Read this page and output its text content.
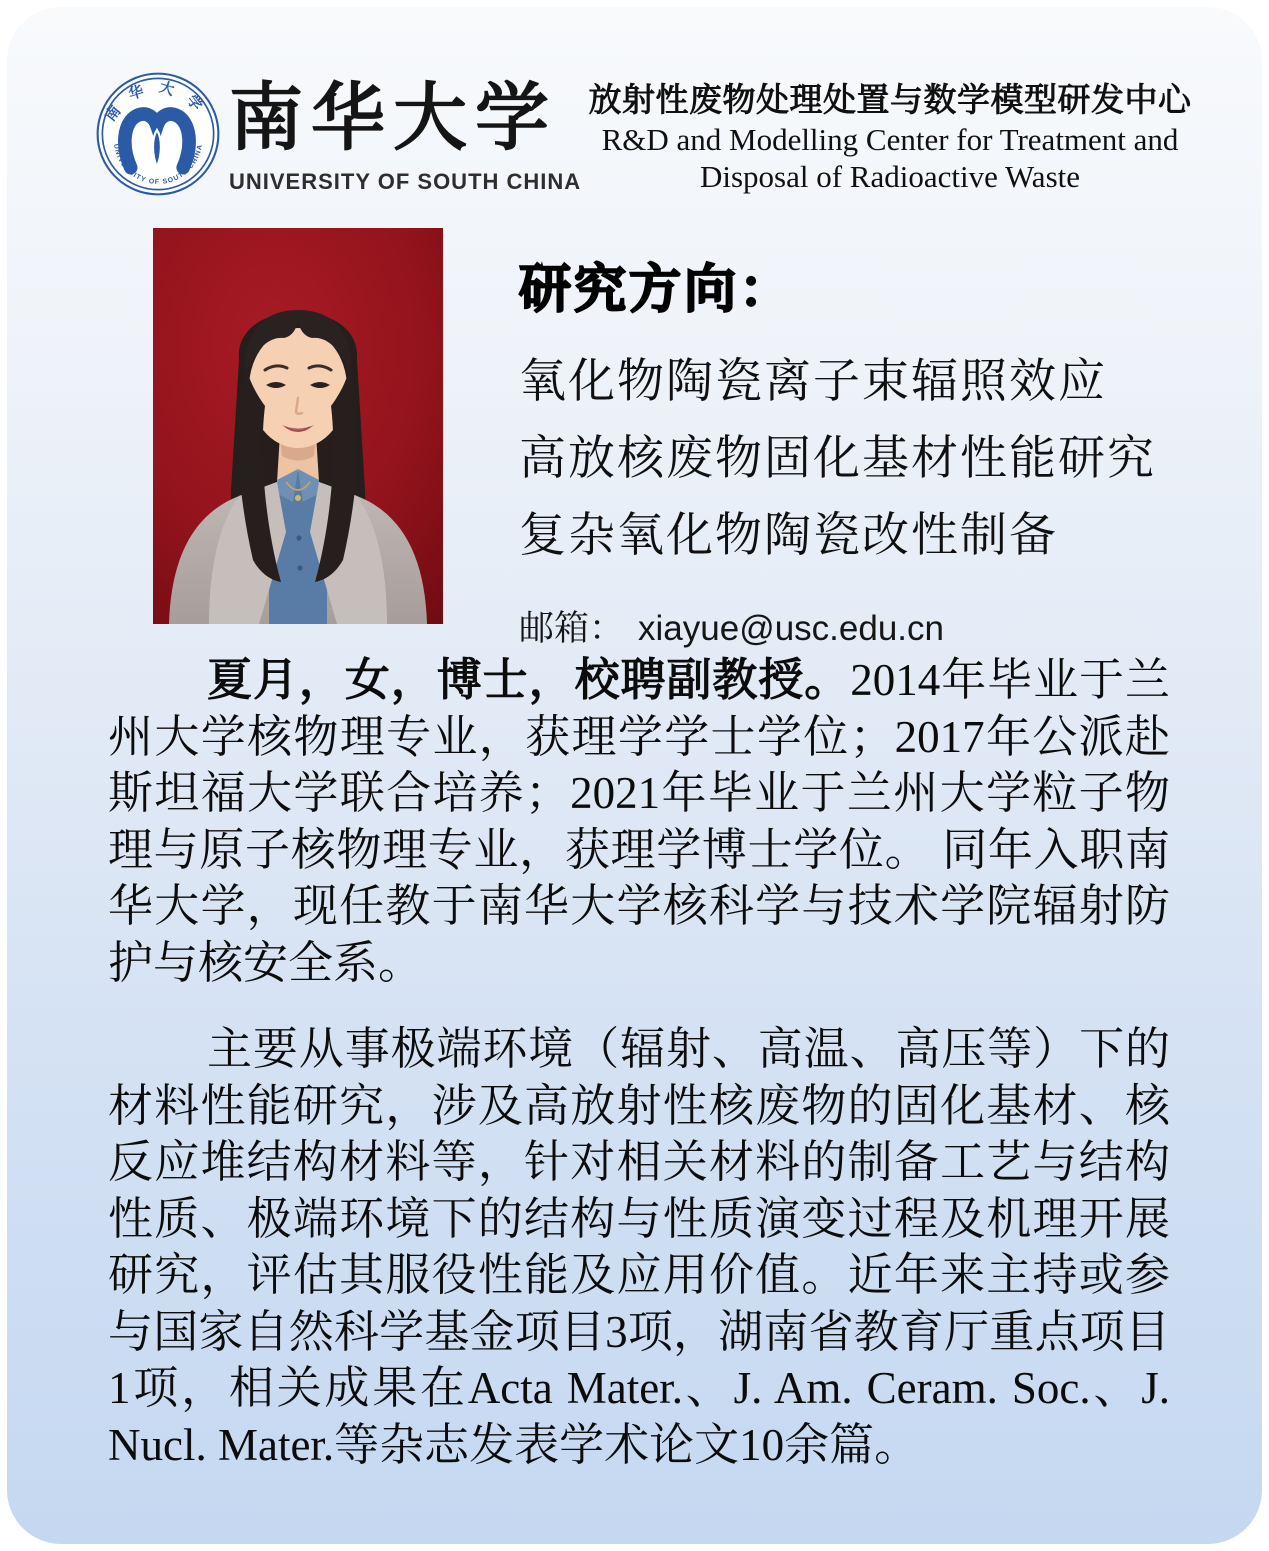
南华大学
UNIVERSITY OF SOUTH CHINA 南华大学
UNIVERSITY OF SOUTH CHINA
放射性废物处理处置与数学模型研发中心
R&D and Modelling Center for Treatment and
Disposal of Radioactive Waste
研究方向：
氧化物陶瓷离子束辐照效应
高放核废物固化基材性能研究
复杂氧化物陶瓷改性制备
邮箱： xiayue@usc.edu.cn

夏月，女，博士，校聘副教授。2014年毕业于兰州大学核物理专业，获理学学士学位；2017年公派赴斯坦福大学联合培养；2021年毕业于兰州大学粒子物理与原子核物理专业，获理学博士学位。 同年入职南华大学，现任教于南华大学核科学与技术学院辐射防护与核安全系。

主要从事极端环境（辐射、高温、高压等）下的材料性能研究，涉及高放射性核废物的固化基材、核反应堆结构材料等，针对相关材料的制备工艺与结构性质、极端环境下的结构与性质演变过程及机理开展研究，评估其服役性能及应用价值。近年来主持或参与国家自然科学基金项目3项，湖南省教育厅重点项目1项，相关成果在Acta Mater.、J. Am. Ceram. Soc.、J. Nucl. Mater.等杂志发表学术论文10余篇。
